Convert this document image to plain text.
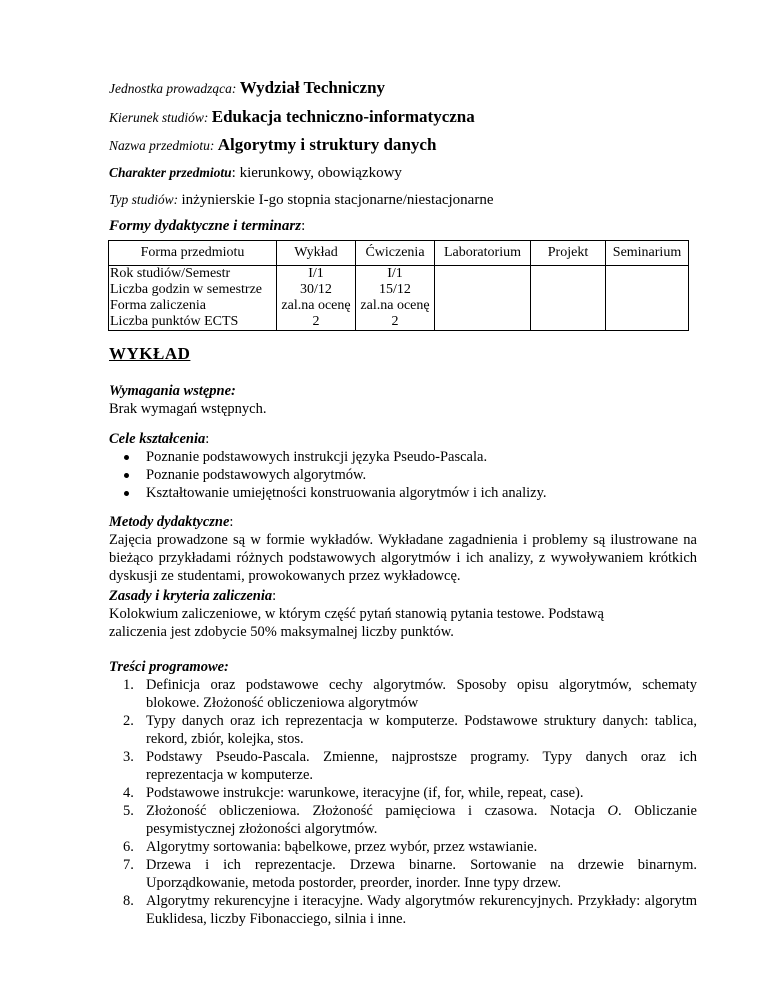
Jednostka prowadząca: Wydział Techniczny
Kierunek studiów: Edukacja techniczno-informatyczna
Nazwa przedmiotu: Algorytmy i struktury danych
Charakter przedmiotu: kierunkowy, obowiązkowy
Typ studiów: inżynierskie I-go stopnia stacjonarne/niestacjonarne
Formy dydaktyczne i terminarz:
Forma przedmiotu	Wykład	Ćwiczenia	Laboratorium	Projekt	Seminarium
Rok studiów/Semestr	I/1	I/1			
Liczba godzin w semestrze	30/12	15/12			
Forma zaliczenia	zal.na ocenę	zal.na ocenę			
Liczba punktów ECTS	2	2			
WYKŁAD
Wymagania wstępne:
Brak wymagań wstępnych.
Cele kształcenia:
Poznanie podstawowych instrukcji języka Pseudo-Pascala.
Poznanie podstawowych algorytmów.
Kształtowanie umiejętności konstruowania algorytmów i ich analizy.
Metody dydaktyczne:
Zajęcia prowadzone są w formie wykładów. Wykładane zagadnienia i problemy są ilustrowane na bieżąco przykładami różnych podstawowych algorytmów i ich analizy, z wywoływaniem krótkich dyskusji ze studentami, prowokowanych przez wykładowcę.
Zasady i kryteria zaliczenia:
Kolokwium zaliczeniowe, w którym część pytań stanowią pytania testowe. Podstawą
zaliczenia jest zdobycie 50% maksymalnej liczby punktów.
Treści programowe:
1. Definicja oraz podstawowe cechy algorytmów. Sposoby opisu algorytmów, schematy blokowe. Złożoność obliczeniowa algorytmów
2. Typy danych oraz ich reprezentacja w komputerze. Podstawowe struktury danych: tablica, rekord, zbiór, kolejka, stos.
3. Podstawy Pseudo-Pascala. Zmienne, najprostsze programy. Typy danych oraz ich reprezentacja w komputerze.
4. Podstawowe instrukcje: warunkowe, iteracyjne (if, for, while, repeat, case).
5. Złożoność obliczeniowa. Złożoność pamięciowa i czasowa. Notacja O. Obliczanie pesymistycznej złożoności algorytmów.
6. Algorytmy sortowania: bąbelkowe, przez wybór, przez wstawianie.
7. Drzewa i ich reprezentacje. Drzewa binarne. Sortowanie na drzewie binarnym. Uporządkowanie, metoda postorder, preorder, inorder. Inne typy drzew.
8. Algorytmy rekurencyjne i iteracyjne. Wady algorytmów rekurencyjnych. Przykłady: algorytm Euklidesa, liczby Fibonacciego, silnia i inne.
